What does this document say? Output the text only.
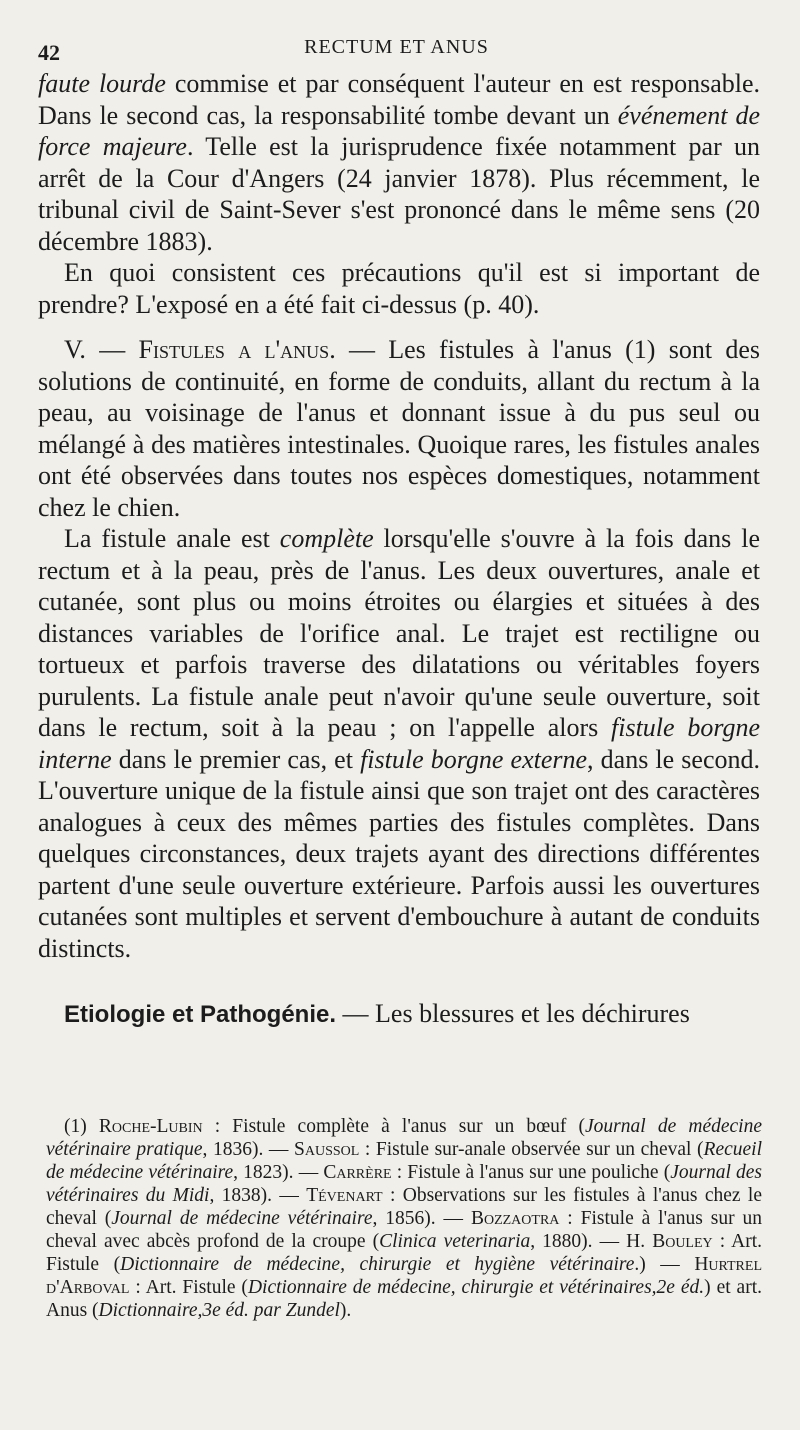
42	RECTUM ET ANUS

faute lourde commise et par conséquent l'auteur en est responsable. Dans le second cas, la responsabilité tombe devant un événement de force majeure. Telle est la jurisprudence fixée notamment par un arrêt de la Cour d'Angers (24 janvier 1878). Plus récemment, le tribunal civil de Saint-Sever s'est prononcé dans le même sens (20 décembre 1883).

En quoi consistent ces précautions qu'il est si important de prendre? L'exposé en a été fait ci-dessus (p. 40).

V. — Fistules a l'anus. — Les fistules à l'anus (1) sont des solutions de continuité, en forme de conduits, allant du rectum à la peau, au voisinage de l'anus et donnant issue à du pus seul ou mélangé à des matières intestinales. Quoique rares, les fistules anales ont été observées dans toutes nos espèces domestiques, notamment chez le chien.

La fistule anale est complète lorsqu'elle s'ouvre à la fois dans le rectum et à la peau, près de l'anus. Les deux ouvertures, anale et cutanée, sont plus ou moins étroites ou élargies et situées à des distances variables de l'orifice anal. Le trajet est rectiligne ou tortueux et parfois traverse des dilatations ou véritables foyers purulents. La fistule anale peut n'avoir qu'une seule ouverture, soit dans le rectum, soit à la peau ; on l'appelle alors fistule borgne interne dans le premier cas, et fistule borgne externe, dans le second. L'ouverture unique de la fistule ainsi que son trajet ont des caractères analogues à ceux des mêmes parties des fistules complètes. Dans quelques circonstances, deux trajets ayant des directions différentes partent d'une seule ouverture extérieure. Parfois aussi les ouvertures cutanées sont multiples et servent d'embouchure à autant de conduits distincts.

Etiologie et Pathogénie. — Les blessures et les déchirures

(1) Roche-Lubin : Fistule complète à l'anus sur un bœuf (Journal de médecine vétérinaire pratique, 1836). — Saussol : Fistule sur-anale observée sur un cheval (Recueil de médecine vétérinaire, 1823). — Carrère : Fistule à l'anus sur une pouliche (Journal des vétérinaires du Midi, 1838). — Tévenart : Observations sur les fistules à l'anus chez le cheval (Journal de médecine vétérinaire, 1856). — Bozzaotra : Fistule à l'anus sur un cheval avec abcès profond de la croupe (Clinica veterinaria, 1880). — H. Bouley : Art. Fistule (Dictionnaire de médecine, chirurgie et hygiène vétérinaire.) — Hurtrel d'Arboval : Art. Fistule (Dictionnaire de médecine, chirurgie et vétérinaires,2e éd.) et art. Anus (Dictionnaire,3e éd. par Zundel).
